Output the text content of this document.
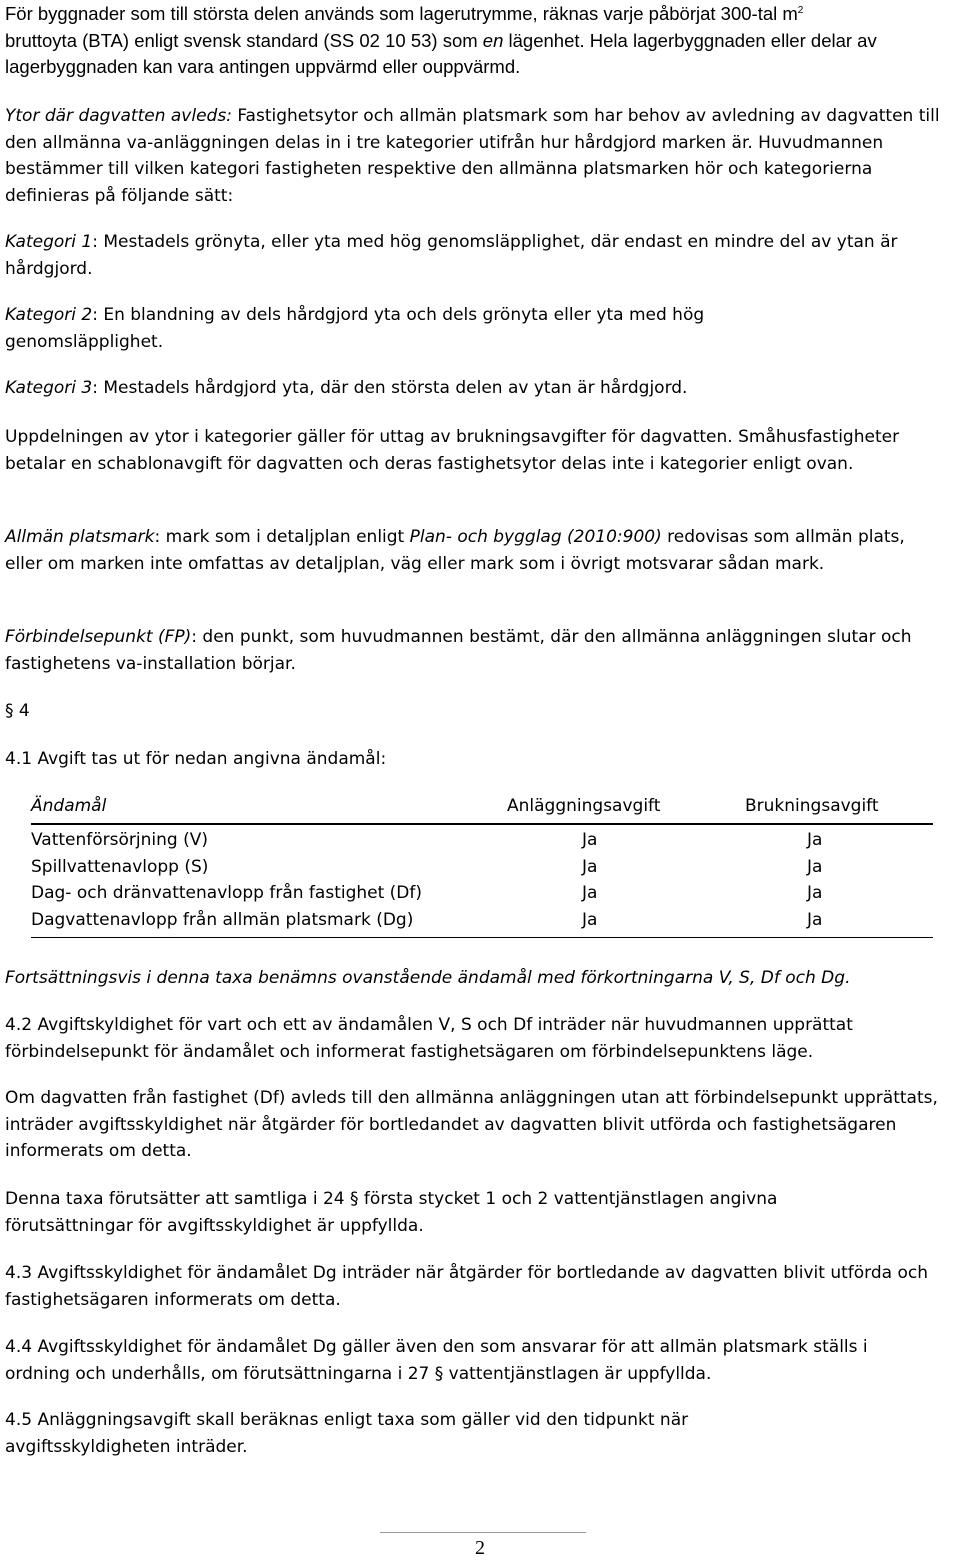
För byggnader som till största delen används som lagerutrymme, räknas varje påbörjat 300-tal $m^2$
bruttoyta (BTA) enligt svensk standard (SS 02 10 53) som en lägenhet. Hela lagerbyggnaden eller delar av lagerbyggnaden kan vara antingen uppvärmd eller ouppvärmd.

Ytor där dagvatten avleds: Fastighetsytor och allmän platsmark som har behov av avledning av dagvatten till den allmänna va-anläggningen delas in i tre kategorier utifrån hur hårdgjord marken är. Huvudmannen bestämmer till vilken kategori fastigheten respektive den allmänna platsmarken hör och kategorierna definieras på följande sätt:

Kategori 1: Mestadels grönyta, eller yta med hög genomsläpplighet, där endast en mindre del av ytan är hårdgjord.

Kategori 2: En blandning av dels hårdgjord yta och dels grönyta eller yta med hög genomsläpplighet.

Kategori 3: Mestadels hårdgjord yta, där den största delen av ytan är hårdgjord.

Uppdelningen av ytor i kategorier gäller för uttag av brukningsavgifter för dagvatten. Småhusfastigheter betalar en schablonavgift för dagvatten och deras fastighetsytor delas inte i kategorier enligt ovan.

Allmän platsmark: mark som i detaljplan enligt Plan- och bygglag (2010:900) redovisas som allmän plats, eller om marken inte omfattas av detaljplan, väg eller mark som i övrigt motsvarar sådan mark.

Förbindelsepunkt (FP): den punkt, som huvudmannen bestämt, där den allmänna anläggningen slutar och fastighetens va-installation börjar.

§ 4

4.1 Avgift tas ut för nedan angivna ändamål:

Ändamål	Anläggningsavgift	Brukningsavgift
Vattenförsörjning (V)	Ja	Ja
Spillvattenavlopp (S)	Ja	Ja
Dag- och dränvattenavlopp från fastighet (Df)	Ja	Ja
Dagvattenavlopp från allmän platsmark (Dg)	Ja	Ja

Fortsättningsvis i denna taxa benämns ovanstående ändamål med förkortningarna V, S, Df och Dg.

4.2 Avgiftskyldighet för vart och ett av ändamålen V, S och Df inträder när huvudmannen upprättat förbindelsepunkt för ändamålet och informerat fastighetsägaren om förbindelsepunktens läge.

Om dagvatten från fastighet (Df) avleds till den allmänna anläggningen utan att förbindelsepunkt upprättats, inträder avgiftsskyldighet när åtgärder för bortledandet av dagvatten blivit utförda och fastighetsägaren informerats om detta.

Denna taxa förutsätter att samtliga i 24 § första stycket 1 och 2 vattentjänstlagen angivna förutsättningar för avgiftsskyldighet är uppfyllda.

4.3 Avgiftsskyldighet för ändamålet Dg inträder när åtgärder för bortledande av dagvatten blivit utförda och fastighetsägaren informerats om detta.

4.4 Avgiftsskyldighet för ändamålet Dg gäller även den som ansvarar för att allmän platsmark ställs i ordning och underhålls, om förutsättningarna i 27 § vattentjänstlagen är uppfyllda.

4.5 Anläggningsavgift skall beräknas enligt taxa som gäller vid den tidpunkt när avgiftsskyldigheten inträder.

2
